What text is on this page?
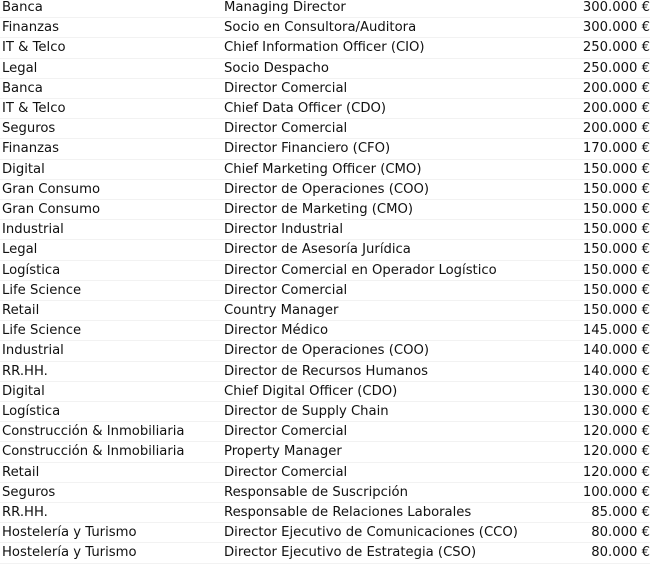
Banca	Managing Director	300.000 €
Finanzas	Socio en Consultora/Auditora	300.000 €
IT & Telco	Chief Information Officer (CIO)	250.000 €
Legal	Socio Despacho	250.000 €
Banca	Director Comercial	200.000 €
IT & Telco	Chief Data Officer (CDO)	200.000 €
Seguros	Director Comercial	200.000 €
Finanzas	Director Financiero (CFO)	170.000 €
Digital	Chief Marketing Officer (CMO)	150.000 €
Gran Consumo	Director de Operaciones (COO)	150.000 €
Gran Consumo	Director de Marketing (CMO)	150.000 €
Industrial	Director Industrial	150.000 €
Legal	Director de Asesoría Jurídica	150.000 €
Logística	Director Comercial en Operador Logístico	150.000 €
Life Science	Director Comercial	150.000 €
Retail	Country Manager	150.000 €
Life Science	Director Médico	145.000 €
Industrial	Director de Operaciones (COO)	140.000 €
RR.HH.	Director de Recursos Humanos	140.000 €
Digital	Chief Digital Officer (CDO)	130.000 €
Logística	Director de Supply Chain	130.000 €
Construcción & Inmobiliaria	Director Comercial	120.000 €
Construcción & Inmobiliaria	Property Manager	120.000 €
Retail	Director Comercial	120.000 €
Seguros	Responsable de Suscripción	100.000 €
RR.HH.	Responsable de Relaciones Laborales	85.000 €
Hostelería y Turismo	Director Ejecutivo de Comunicaciones (CCO)	80.000 €
Hostelería y Turismo	Director Ejecutivo de Estrategia (CSO)	80.000 €
